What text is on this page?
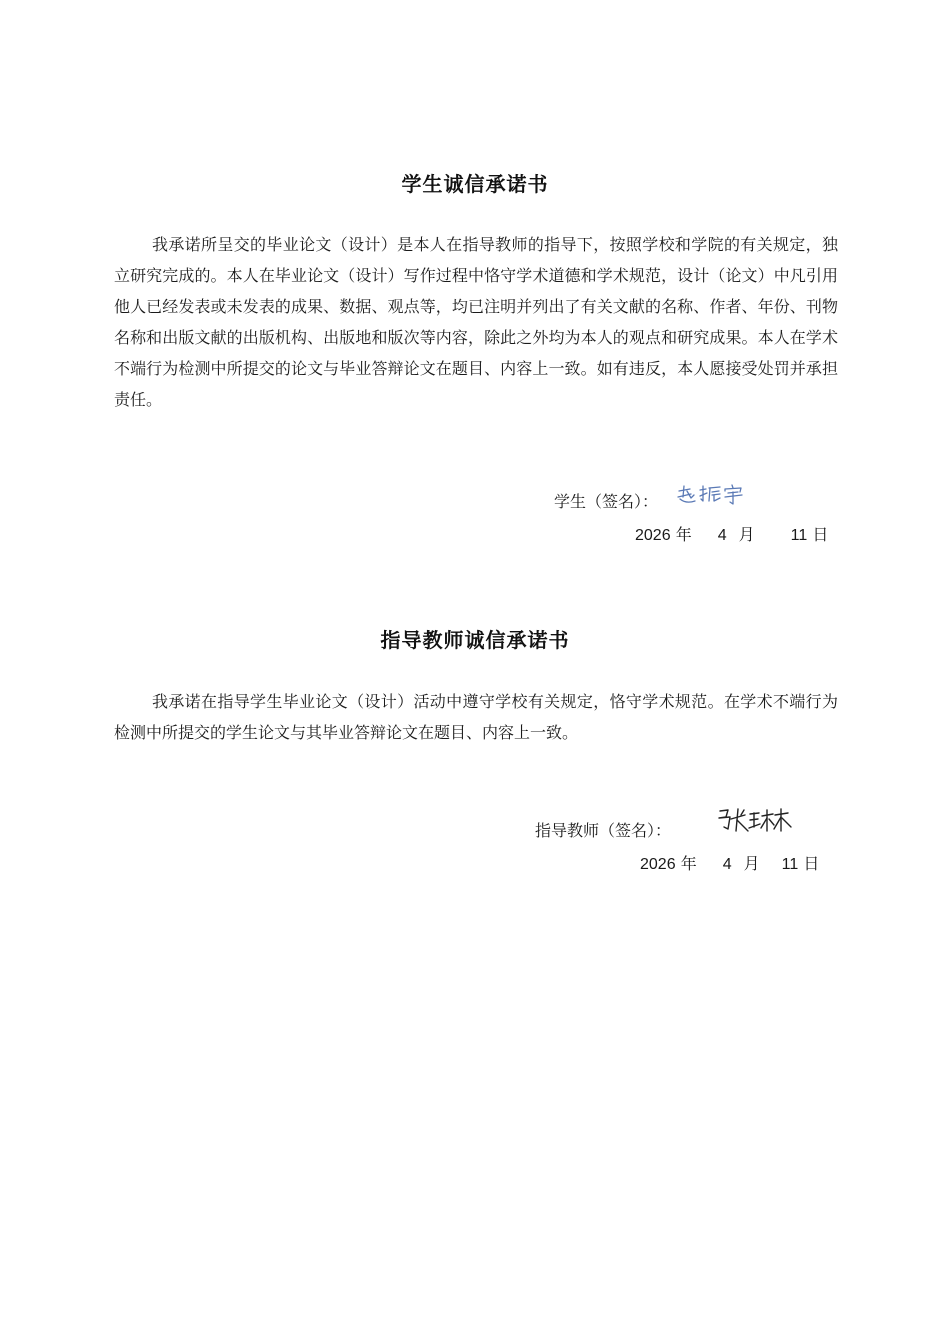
学生诚信承诺书

我承诺所呈交的毕业论文（设计）是本人在指导教师的指导下，按照学校和学院的有关规定，独立研究完成的。本人在毕业论文（设计）写作过程中恪守学术道德和学术规范，设计（论文）中凡引用他人已经发表或未发表的成果、数据、观点等，均已注明并列出了有关文献的名称、作者、年份、刊物名称和出版文献的出版机构、出版地和版次等内容，除此之外均为本人的观点和研究成果。本人在学术不端行为检测中所提交的论文与毕业答辩论文在题目、内容上一致。如有违反，本人愿接受处罚并承担责任。

学生（签名）：
2026 年 4 月 11 日
指导教师诚信承诺书

我承诺在指导学生毕业论文（设计）活动中遵守学校有关规定，恪守学术规范。在学术不端行为检测中所提交的学生论文与其毕业答辩论文在题目、内容上一致。

指导教师（签名）：
2026 年 4 月 11 日
